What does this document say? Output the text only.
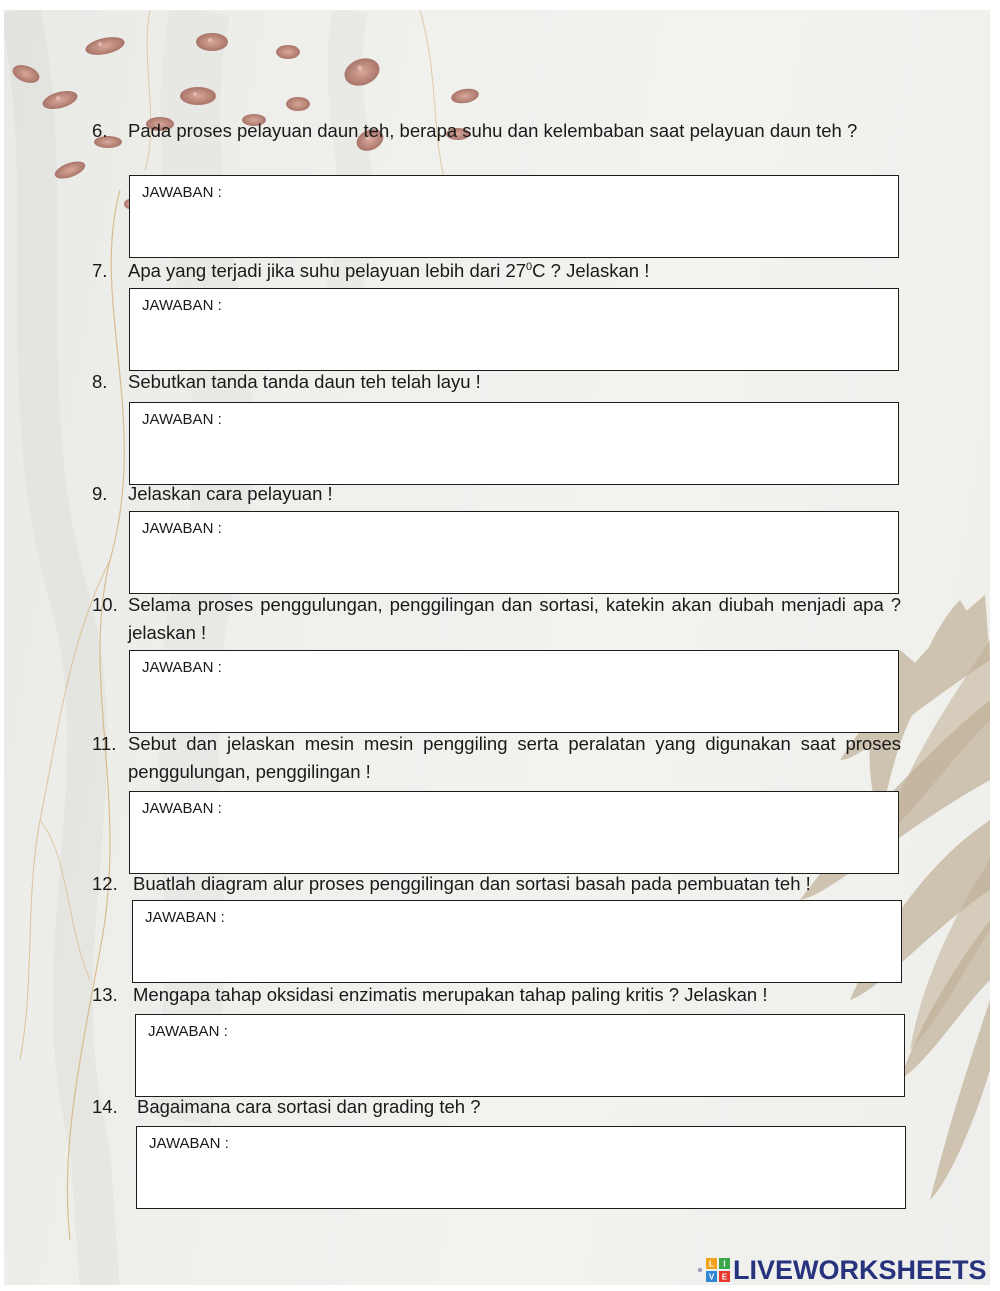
6. Pada proses pelayuan daun teh, berapa suhu dan kelembaban saat pelayuan daun teh ?
JAWABAN :
7. Apa yang terjadi jika suhu pelayuan lebih dari $27^0C$ ? Jelaskan !
JAWABAN :
8. Sebutkan tanda tanda daun teh telah layu !
JAWABAN :
9. Jelaskan cara pelayuan !
JAWABAN :
10. Selama proses penggulungan, penggilingan dan sortasi, katekin akan diubah menjadi apa ? jelaskan !
JAWABAN :
11. Sebut dan jelaskan mesin mesin penggiling serta peralatan yang digunakan saat proses penggulungan, penggilingan !
JAWABAN :
12. Buatlah diagram alur proses penggilingan dan sortasi basah pada pembuatan teh !
JAWABAN :
13. Mengapa tahap oksidasi enzimatis merupakan tahap paling kritis ? Jelaskan !
JAWABAN :
14. Bagaimana cara sortasi dan grading teh ?
JAWABAN :
L I
V E LIVEWORKSHEETS
